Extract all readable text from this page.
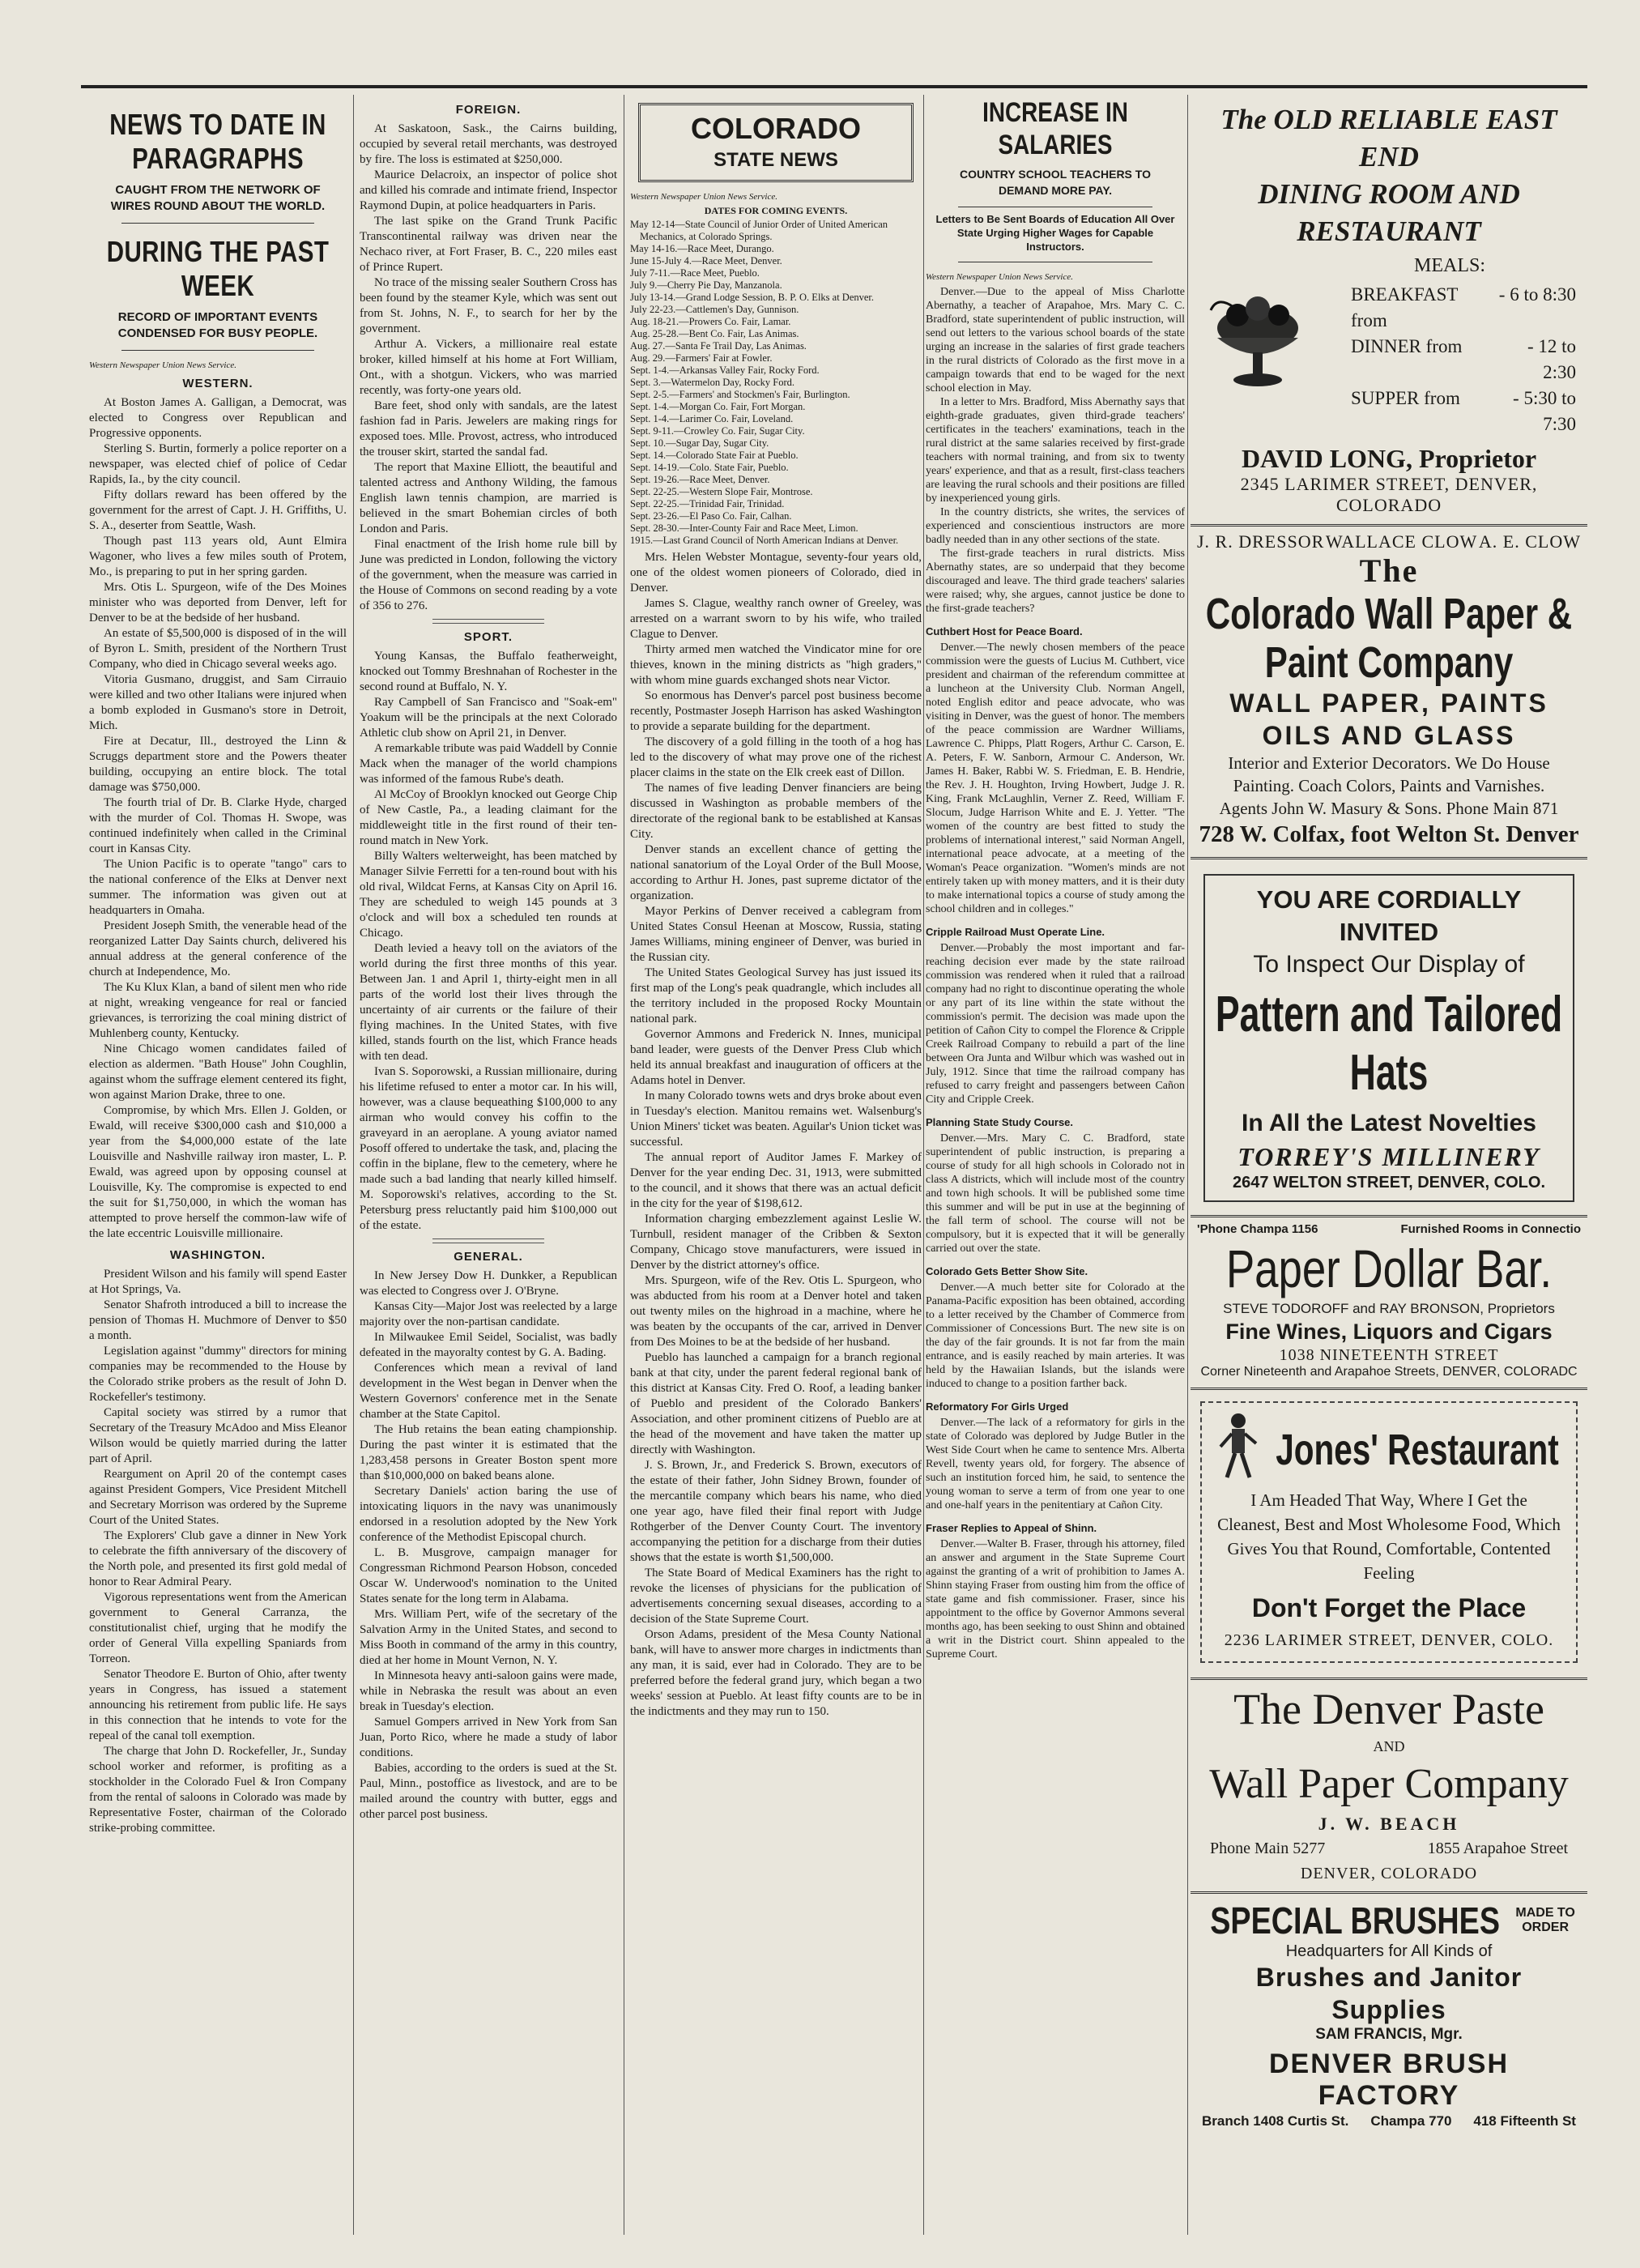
NEWS TO DATE IN PARAGRAPHS
CAUGHT FROM THE NETWORK OF WIRES ROUND ABOUT THE WORLD.
DURING THE PAST WEEK
RECORD OF IMPORTANT EVENTS CONDENSED FOR BUSY PEOPLE.
Western Newspaper Union News Service.
WESTERN.

At Boston James A. Galligan, a Democrat, was elected to Congress over Republican and Progressive opponents.

Sterling S. Burtin, formerly a police reporter on a newspaper, was elected chief of police of Cedar Rapids, Ia., by the city council.

Fifty dollars reward has been offered by the government for the arrest of Capt. J. H. Griffiths, U. S. A., deserter from Seattle, Wash.

Though past 113 years old, Aunt Elmira Wagoner, who lives a few miles south of Protem, Mo., is preparing to put in her spring garden.

Mrs. Otis L. Spurgeon, wife of the Des Moines minister who was deported from Denver, left for Denver to be at the bedside of her husband.

An estate of $5,500,000 is disposed of in the will of Byron L. Smith, president of the Northern Trust Company, who died in Chicago several weeks ago.

Vitoria Gusmano, druggist, and Sam Cirrauio were killed and two other Italians were injured when a bomb exploded in Gusmano's store in Detroit, Mich.

Fire at Decatur, Ill., destroyed the Linn & Scruggs department store and the Powers theater building, occupying an entire block. The total damage was $750,000.

The fourth trial of Dr. B. Clarke Hyde, charged with the murder of Col. Thomas H. Swope, was continued indefinitely when called in the Criminal court in Kansas City.

The Union Pacific is to operate "tango" cars to the national conference of the Elks at Denver next summer. The information was given out at headquarters in Omaha.

President Joseph Smith, the venerable head of the reorganized Latter Day Saints church, delivered his annual address at the general conference of the church at Independence, Mo.

The Ku Klux Klan, a band of silent men who ride at night, wreaking vengeance for real or fancied grievances, is terrorizing the coal mining district of Muhlenberg county, Kentucky.

Nine Chicago women candidates failed of election as aldermen. "Bath House" John Coughlin, against whom the suffrage element centered its fight, won against Marion Drake, three to one.

Compromise, by which Mrs. Ellen J. Golden, or Ewald, will receive $300,000 cash and $10,000 a year from the $4,000,000 estate of the late Louisville and Nashville railway iron master, L. P. Ewald, was agreed upon by opposing counsel at Louisville, Ky. The compromise is expected to end the suit for $1,750,000, in which the woman has attempted to prove herself the common-law wife of the late eccentric Louisville millionaire.

WASHINGTON.

President Wilson and his family will spend Easter at Hot Springs, Va.

Senator Shafroth introduced a bill to increase the pension of Thomas H. Muchmore of Denver to $50 a month.

Legislation against "dummy" directors for mining companies may be recommended to the House by the Colorado strike probers as the result of John D. Rockefeller's testimony.

Capital society was stirred by a rumor that Secretary of the Treasury McAdoo and Miss Eleanor Wilson would be quietly married during the latter part of April.

Reargument on April 20 of the contempt cases against President Gompers, Vice President Mitchell and Secretary Morrison was ordered by the Supreme Court of the United States.

The Explorers' Club gave a dinner in New York to celebrate the fifth anniversary of the discovery of the North pole, and presented its first gold medal of honor to Rear Admiral Peary.

Vigorous representations went from the American government to General Carranza, the constitutionalist chief, urging that he modify the order of General Villa expelling Spaniards from Torreon.

Senator Theodore E. Burton of Ohio, after twenty years in Congress, has issued a statement announcing his retirement from public life. He says in this connection that he intends to vote for the repeal of the canal toll exemption.

The charge that John D. Rockefeller, Jr., Sunday school worker and reformer, is profiting as a stockholder in the Colorado Fuel & Iron Company from the rental of saloons in Colorado was made by Representative Foster, chairman of the Colorado strike-probing committee.

FOREIGN.

At Saskatoon, Sask., the Cairns building, occupied by several retail merchants, was destroyed by fire. The loss is estimated at $250,000.

Maurice Delacroix, an inspector of police shot and killed his comrade and intimate friend, Inspector Raymond Dupin, at police headquarters in Paris.

The last spike on the Grand Trunk Pacific Transcontinental railway was driven near the Nechaco river, at Fort Fraser, B. C., 220 miles east of Prince Rupert.

No trace of the missing sealer Southern Cross has been found by the steamer Kyle, which was sent out from St. Johns, N. F., to search for her by the government.

Arthur A. Vickers, a millionaire real estate broker, killed himself at his home at Fort William, Ont., with a shotgun. Vickers, who was married recently, was forty-one years old.

Bare feet, shod only with sandals, are the latest fashion fad in Paris. Jewelers are making rings for exposed toes. Mlle. Provost, actress, who introduced the trouser skirt, started the sandal fad.

The report that Maxine Elliott, the beautiful and talented actress and Anthony Wilding, the famous English lawn tennis champion, are married is believed in the smart Bohemian circles of both London and Paris.

Final enactment of the Irish home rule bill by June was predicted in London, following the victory of the government, when the measure was carried in the House of Commons on second reading by a vote of 356 to 276.

SPORT.

Young Kansas, the Buffalo featherweight, knocked out Tommy Breshnahan of Rochester in the second round at Buffalo, N. Y.

Ray Campbell of San Francisco and "Soak-em" Yoakum will be the principals at the next Colorado Athletic club show on April 21, in Denver.

A remarkable tribute was paid Waddell by Connie Mack when the manager of the world champions was informed of the famous Rube's death.

Al McCoy of Brooklyn knocked out George Chip of New Castle, Pa., a leading claimant for the middleweight title in the first round of their ten-round match in New York.

Billy Walters welterweight, has been matched by Manager Silvie Ferretti for a ten-round bout with his old rival, Wildcat Ferns, at Kansas City on April 16. They are scheduled to weigh 145 pounds at 3 o'clock and will box a scheduled ten rounds at Chicago.

Death levied a heavy toll on the aviators of the world during the first three months of this year. Between Jan. 1 and April 1, thirty-eight men in all parts of the world lost their lives through the uncertainty of air currents or the failure of their flying machines. In the United States, with five killed, stands fourth on the list, which France heads with ten dead.

Ivan S. Soporowski, a Russian millionaire, during his lifetime refused to enter a motor car. In his will, however, was a clause bequeathing $100,000 to any airman who would convey his coffin to the graveyard in an aeroplane. A young aviator named Posoff offered to undertake the task, and, placing the coffin in the biplane, flew to the cemetery, where he made such a bad landing that nearly killed himself. M. Soporowski's relatives, according to the St. Petersburg press reluctantly paid him $100,000 out of the estate.

GENERAL.

In New Jersey Dow H. Dunkker, a Republican was elected to Congress over J. O'Bryne.

Kansas City—Major Jost was reelected by a large majority over the non-partisan candidate.

In Milwaukee Emil Seidel, Socialist, was badly defeated in the mayoralty contest by G. A. Bading.

Conferences which mean a revival of land development in the West began in Denver when the Western Governors' conference met in the Senate chamber at the State Capitol.

The Hub retains the bean eating championship. During the past winter it is estimated that the 1,283,458 persons in Greater Boston spent more than $10,000,000 on baked beans alone.

Secretary Daniels' action baring the use of intoxicating liquors in the navy was unanimously endorsed in a resolution adopted by the New York conference of the Methodist Episcopal church.

L. B. Musgrove, campaign manager for Congressman Richmond Pearson Hobson, conceded Oscar W. Underwood's nomination to the United States senate for the long term in Alabama.

Mrs. William Pert, wife of the secretary of the Salvation Army in the United States, and second to Miss Booth in command of the army in this country, died at her home in Mount Vernon, N. Y.

In Minnesota heavy anti-saloon gains were made, while in Nebraska the result was about an even break in Tuesday's election.

Samuel Gompers arrived in New York from San Juan, Porto Rico, where he made a study of labor conditions.

Babies, according to the orders is sued at the St. Paul, Minn., postoffice as livestock, and are to be mailed around the country with butter, eggs and other parcel post business.

COLORADO
STATE NEWS
Western Newspaper Union News Service.
DATES FOR COMING EVENTS.

May 12-14—State Council of Junior Order of United American Mechanics, at Colorado Springs.

May 14-16.—Race Meet, Durango.

June 15-July 4.—Race Meet, Denver.

July 7-11.—Race Meet, Pueblo.

July 9.—Cherry Pie Day, Manzanola.

July 13-14.—Grand Lodge Session, B. P. O. Elks at Denver.

July 22-23.—Cattlemen's Day, Gunnison.

Aug. 18-21.—Prowers Co. Fair, Lamar.

Aug. 25-28.—Bent Co. Fair, Las Animas.

Aug. 27.—Santa Fe Trail Day, Las Animas.

Aug. 29.—Farmers' Fair at Fowler.

Sept. 1-4.—Arkansas Valley Fair, Rocky Ford.

Sept. 3.—Watermelon Day, Rocky Ford.

Sept. 2-5.—Farmers' and Stockmen's Fair, Burlington.

Sept. 1-4.—Morgan Co. Fair, Fort Morgan.

Sept. 1-4.—Larimer Co. Fair, Loveland.

Sept. 9-11.—Crowley Co. Fair, Sugar City.

Sept. 10.—Sugar Day, Sugar City.

Sept. 14.—Colorado State Fair at Pueblo.

Sept. 14-19.—Colo. State Fair, Pueblo.

Sept. 19-26.—Race Meet, Denver.

Sept. 22-25.—Western Slope Fair, Montrose.

Sept. 22-25.—Trinidad Fair, Trinidad.

Sept. 23-26.—El Paso Co. Fair, Calhan.

Sept. 28-30.—Inter-County Fair and Race Meet, Limon.

1915.—Last Grand Council of North American Indians at Denver.

Mrs. Helen Webster Montague, seventy-four years old, one of the oldest women pioneers of Colorado, died in Denver.

James S. Clague, wealthy ranch owner of Greeley, was arrested on a warrant sworn to by his wife, who trailed Clague to Denver.

Thirty armed men watched the Vindicator mine for ore thieves, known in the mining districts as "high graders," with whom mine guards exchanged shots near Victor.

So enormous has Denver's parcel post business become recently, Postmaster Joseph Harrison has asked Washington to provide a separate building for the department.

The discovery of a gold filling in the tooth of a hog has led to the discovery of what may prove one of the richest placer claims in the state on the Elk creek east of Dillon.

The names of five leading Denver financiers are being discussed in Washington as probable members of the directorate of the regional bank to be established at Kansas City.

Denver stands an excellent chance of getting the national sanatorium of the Loyal Order of the Bull Moose, according to Arthur H. Jones, past supreme dictator of the organization.

Mayor Perkins of Denver received a cablegram from United States Consul Heenan at Moscow, Russia, stating James Williams, mining engineer of Denver, was buried in the Russian city.

The United States Geological Survey has just issued its first map of the Long's peak quadrangle, which includes all the territory included in the proposed Rocky Mountain national park.

Governor Ammons and Frederick N. Innes, municipal band leader, were guests of the Denver Press Club which held its annual breakfast and inauguration of officers at the Adams hotel in Denver.

In many Colorado towns wets and drys broke about even in Tuesday's election. Manitou remains wet. Walsenburg's Union Miners' ticket was beaten. Aguilar's Union ticket was successful.

The annual report of Auditor James F. Markey of Denver for the year ending Dec. 31, 1913, were submitted to the council, and it shows that there was an actual deficit in the city for the year of $198,612.

Information charging embezzlement against Leslie W. Turnbull, resident manager of the Cribben & Sexton Company, Chicago stove manufacturers, were issued in Denver by the district attorney's office.

Mrs. Spurgeon, wife of the Rev. Otis L. Spurgeon, who was abducted from his room at a Denver hotel and taken out twenty miles on the highroad in a machine, where he was beaten by the occupants of the car, arrived in Denver from Des Moines to be at the bedside of her husband.

Pueblo has launched a campaign for a branch regional bank at that city, under the parent federal regional bank of this district at Kansas City. Fred O. Roof, a leading banker of Pueblo and president of the Colorado Bankers' Association, and other prominent citizens of Pueblo are at the head of the movement and have taken the matter up directly with Washington.

J. S. Brown, Jr., and Frederick S. Brown, executors of the estate of their father, John Sidney Brown, founder of the mercantile company which bears his name, who died one year ago, have filed their final report with Judge Rothgerber of the Denver County Court. The inventory accompanying the petition for a discharge from their duties shows that the estate is worth $1,500,000.

The State Board of Medical Examiners has the right to revoke the licenses of physicians for the publication of advertisements concerning sexual diseases, according to a decision of the State Supreme Court.

Orson Adams, president of the Mesa County National bank, will have to answer more charges in indictments than any man, it is said, ever had in Colorado. They are to be preferred before the federal grand jury, which began a two weeks' session at Pueblo. At least fifty counts are to be in the indictments and they may run to 150.

INCREASE IN SALARIES
COUNTRY SCHOOL TEACHERS TO DEMAND MORE PAY.
Letters to Be Sent Boards of Education All Over State Urging Higher Wages for Capable Instructors.
Western Newspaper Union News Service.

Denver.—Due to the appeal of Miss Charlotte Abernathy, a teacher of Arapahoe, Mrs. Mary C. C. Bradford, state superintendent of public instruction, will send out letters to the various school boards of the state urging an increase in the salaries of first grade teachers in the rural districts of Colorado as the first move in a campaign towards that end to be waged for the next school election in May.

In a letter to Mrs. Bradford, Miss Abernathy says that eighth-grade graduates, given third-grade teachers' certificates in the teachers' examinations, teach in the rural district at the same salaries received by first-grade teachers with normal training, and from six to twenty years' experience, and that as a result, first-class teachers are leaving the rural schools and their positions are filled by inexperienced young girls.

In the country districts, she writes, the services of experienced and conscientious instructors are more badly needed than in any other sections of the state.

The first-grade teachers in rural districts. Miss Abernathy states, are so underpaid that they become discouraged and leave. The third grade teachers' salaries were raised; why, she argues, cannot justice be done to the first-grade teachers?

Cuthbert Host for Peace Board.

Denver.—The newly chosen members of the peace commission were the guests of Lucius M. Cuthbert, vice president and chairman of the referendum committee at a luncheon at the University Club. Norman Angell, noted English editor and peace advocate, who was visiting in Denver, was the guest of honor. The members of the peace commission are Wardner Williams, Lawrence C. Phipps, Platt Rogers, Arthur C. Carson, E. A. Peters, F. W. Sanborn, Armour C. Anderson, Wr. James H. Baker, Rabbi W. S. Friedman, E. B. Hendrie, the Rev. J. H. Houghton, Irving Howbert, Judge J. R. King, Frank McLaughlin, Verner Z. Reed, William F. Slocum, Judge Harrison White and E. J. Yetter. "The women of the country are best fitted to study the problems of international interest," said Norman Angell, international peace advocate, at a meeting of the Woman's Peace organization. "Women's minds are not entirely taken up with money matters, and it is their duty to make international topics a course of study among the school children and in colleges."

Cripple Railroad Must Operate Line.

Denver.—Probably the most important and far-reaching decision ever made by the state railroad commission was rendered when it ruled that a railroad company had no right to discontinue operating the whole or any part of its line within the state without the commission's permit. The decision was made upon the petition of Cañon City to compel the Florence & Cripple Creek Railroad Company to rebuild a part of the line between Ora Junta and Wilbur which was washed out in July, 1912. Since that time the railroad company has refused to carry freight and passengers between Cañon City and Cripple Creek.

Planning State Study Course.

Denver.—Mrs. Mary C. C. Bradford, state superintendent of public instruction, is preparing a course of study for all high schools in Colorado not in class A districts, which will include most of the country and town high schools. It will be published some time this summer and will be put in use at the beginning of the fall term of school. The course will not be compulsory, but it is expected that it will be generally carried out over the state.

Colorado Gets Better Show Site.

Denver.—A much better site for Colorado at the Panama-Pacific exposition has been obtained, according to a letter received by the Chamber of Commerce from Commissioner of Concessions Burt. The new site is on the day of the fair grounds. It is not far from the main entrance, and is easily reached by main arteries. It was held by the Hawaiian Islands, but the islands were induced to change to a position farther back.

Reformatory For Girls Urged

Denver.—The lack of a reformatory for girls in the state of Colorado was deplored by Judge Butler in the West Side Court when he came to sentence Mrs. Alberta Revell, twenty years old, for forgery. The absence of such an institution forced him, he said, to sentence the young woman to serve a term of from one year to one and one-half years in the penitentiary at Cañon City.

Fraser Replies to Appeal of Shinn.

Denver.—Walter B. Fraser, through his attorney, filed an answer and argument in the State Supreme Court against the granting of a writ of prohibition to James A. Shinn staying Fraser from ousting him from the office of state game and fish commissioner. Fraser, since his appointment to the office by Governor Ammons several months ago, has been seeking to oust Shinn and obtained a writ in the District court. Shinn appealed to the Supreme Court.

The OLD RELIABLE EAST END
DINING ROOM AND
RESTAURANT
MEALS:
BREAKFAST from
- 6 to 8:30
DINNER from	- 12 to 2:30
SUPPER from	- 5:30 to 7:30
DAVID LONG, Proprietor
2345 LARIMER STREET, DENVER, COLORADO
J. R. DRESSOR WALLACE CLOW A. E. CLOW
The
Colorado Wall Paper &
Paint Company
WALL PAPER, PAINTS
OILS AND GLASS
Interior and Exterior Decorators. We Do House
Painting. Coach Colors, Paints and Varnishes.
Agents John W. Masury & Sons. Phone Main 871
728 W. Colfax, foot Welton St. Denver
YOU ARE CORDIALLY INVITED
To Inspect Our Display of
Pattern and Tailored Hats
In All the Latest Novelties
TORREY'S MILLINERY
2647 WELTON STREET, DENVER, COLO.
'Phone Champa 1156	Furnished Rooms in Connectio
Paper Dollar Bar.
STEVE TODOROFF and RAY BRONSON, Proprietors
Fine Wines, Liquors and Cigars
1038 NINETEENTH STREET
Corner Nineteenth and Arapahoe Streets, DENVER, COLORADC
Jones' Restaurant
I Am Headed That Way, Where I Get the
Cleanest, Best and Most Wholesome Food, Which
Gives You that Round, Comfortable, Contented Feeling
Don't Forget the Place
2236 LARIMER STREET, DENVER, COLO.
The Denver Paste
AND
Wall Paper Company
J. W. BEACH
Phone Main 5277	1855 Arapahoe Street
DENVER, COLORADO
SPECIAL BRUSHES MADE TO
ORDER
Headquarters for All Kinds of
Brushes and Janitor Supplies
SAM FRANCIS, Mgr.
DENVER BRUSH FACTORY
Branch 1408 Curtis St. Champa 770 418 Fifteenth St
